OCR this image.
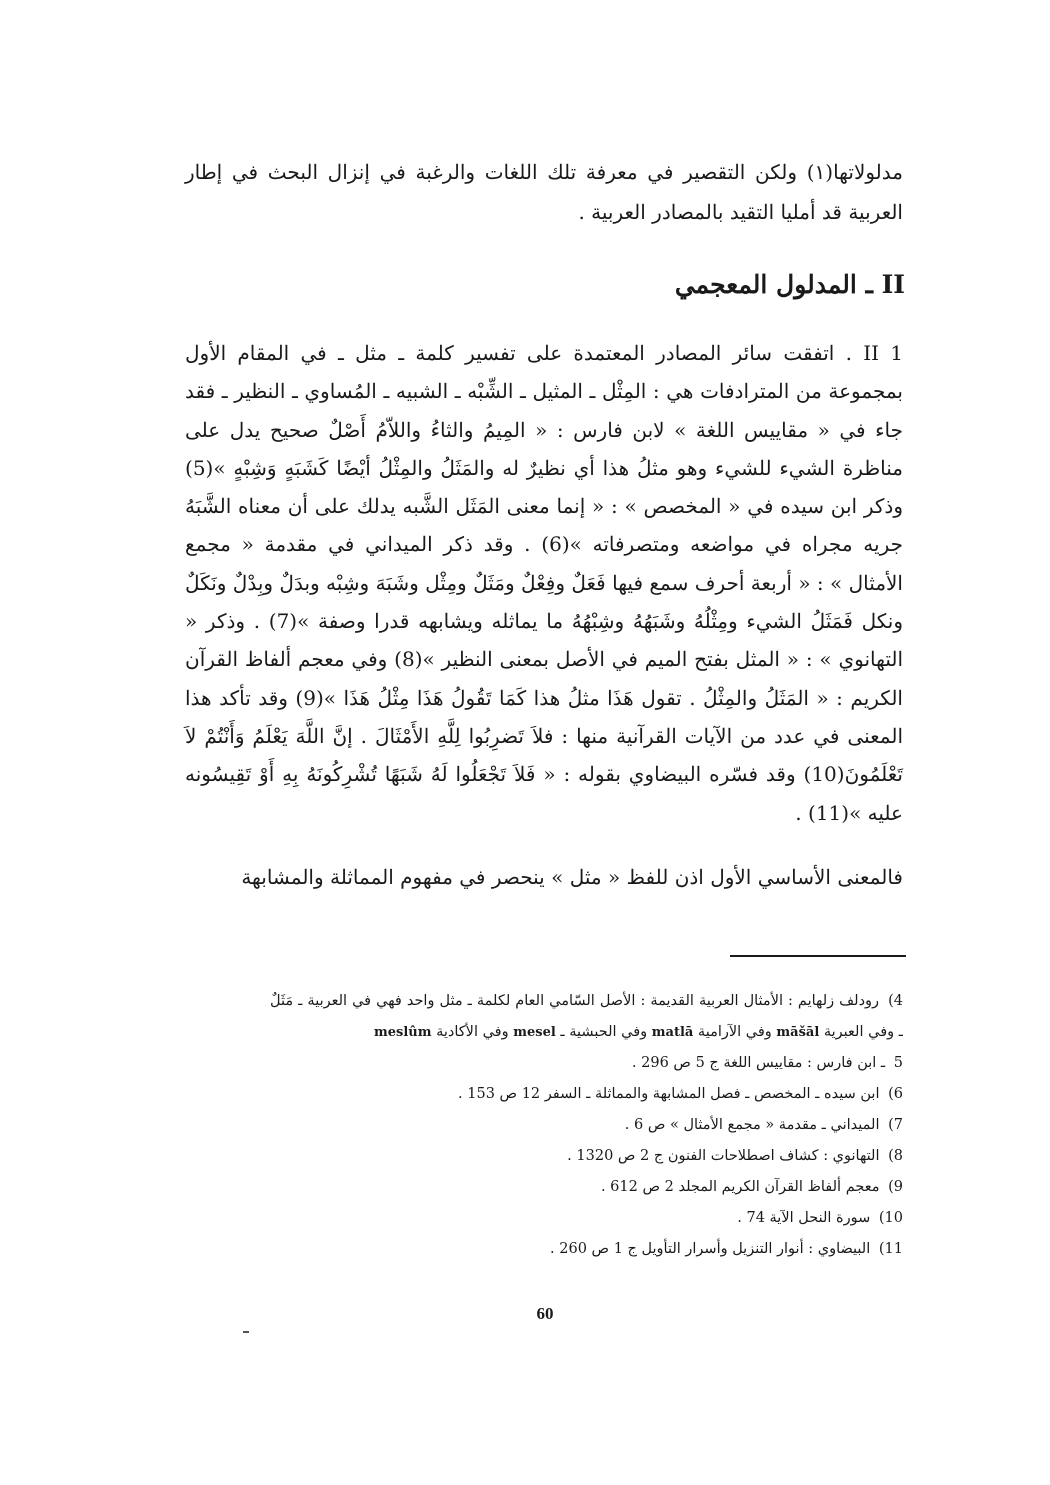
مدلولاتها(۱) ولكن التقصير في معرفة تلك اللغات والرغبة في إنزال البحث في إطار العربية قد أمليا التقيد بالمصادر العربية .

II ـ المدلول المعجمي

II 1 . اتفقت سائر المصادر المعتمدة على تفسير كلمة ـ مثل ـ في المقام الأول بمجموعة من المترادفات هي : المِثْل ـ المثيل ـ الشِّبْه ـ الشبيه ـ المُساوي ـ النظير ـ فقد جاء في « مقاييس اللغة » لابن فارس : « المِيمُ والثاءُ واللاّمُ أَصْلٌ صحيح يدل على مناظرة الشيء للشيء وهو مثلُ هذا أي نظيرٌ له والمَثَلُ والمِثْلُ أيْضًا كَشَبَهٍ وَشِبْهٍ »(5) وذكر ابن سيده في « المخصص » : « إنما معنى المَثَل الشَّبه يدلك على أن معناه الشَّبَهُ جريه مجراه في مواضعه ومتصرفاته »(6) . وقد ذكر الميداني في مقدمة « مجمع الأمثال » : « أربعة أحرف سمع فيها فَعَلٌ وفِعْلٌ ومَثَلٌ ومِثْل وشَبَهَ وشِبْه وبدَلٌ وبِدْلٌ ونَكَلٌ ونكل فَمَثَلُ الشيء ومِثْلُهُ وشَبَهُهُ وشِبْهُهُ ما يماثله ويشابهه قدرا وصفة »(7) . وذكر « التهانوي » : « المثل بفتح الميم في الأصل بمعنى النظير »(8) وفي معجم ألفاظ القرآن الكريم : « المَثَلُ والمِثْلُ . تقول هَذَا مثلُ هذا كَمَا تَقُولُ هَذَا مِثْلُ هَذَا »(9) وقد تأكد هذا المعنى في عدد من الآيات القرآنية منها : فلاَ تَضرِبُوا لِلَّهِ الأَمْثَالَ . إنَّ اللَّهَ يَعْلَمُ وَأَنْتُمْ لاَ تَعْلَمُونَ(10) وقد فسّره البيضاوي بقوله : « فَلاَ تَجْعَلُوا لَهُ شَبَهًا تُشْرِكُونَهُ بِهِ أَوْ تَقِيسُونه عليه »(11) .

فالمعنى الأساسي الأول اذن للفظ « مثل » ينحصر في مفهوم المماثلة والمشابهة

4) رودلف زلهايم : الأمثال العربية القديمة : الأصل السّامي العام لكلمة ـ مثل واحد فهي في العربية ـ مَثَلٌ ـ وفي العبرية māšāl وفي الآرامية matlā وفي الحبشية ـ mesel وفي الأكادية meslûm
5 ـ ابن فارس : مقاييس اللغة ج 5 ص 296 .
6) ابن سيده ـ المخصص ـ فصل المشابهة والمماثلة ـ السفر 12 ص 153 .
7) الميداني ـ مقدمة « مجمع الأمثال » ص 6 .
8) التهانوي : كشاف اصطلاحات الفنون ج 2 ص 1320 .
9) معجم ألفاظ القرآن الكريم المجلد 2 ص 612 .
10) سورة النحل الآية 74 .
11) البيضاوي : أنوار التنزيل وأسرار التأويل ج 1 ص 260 .
60
